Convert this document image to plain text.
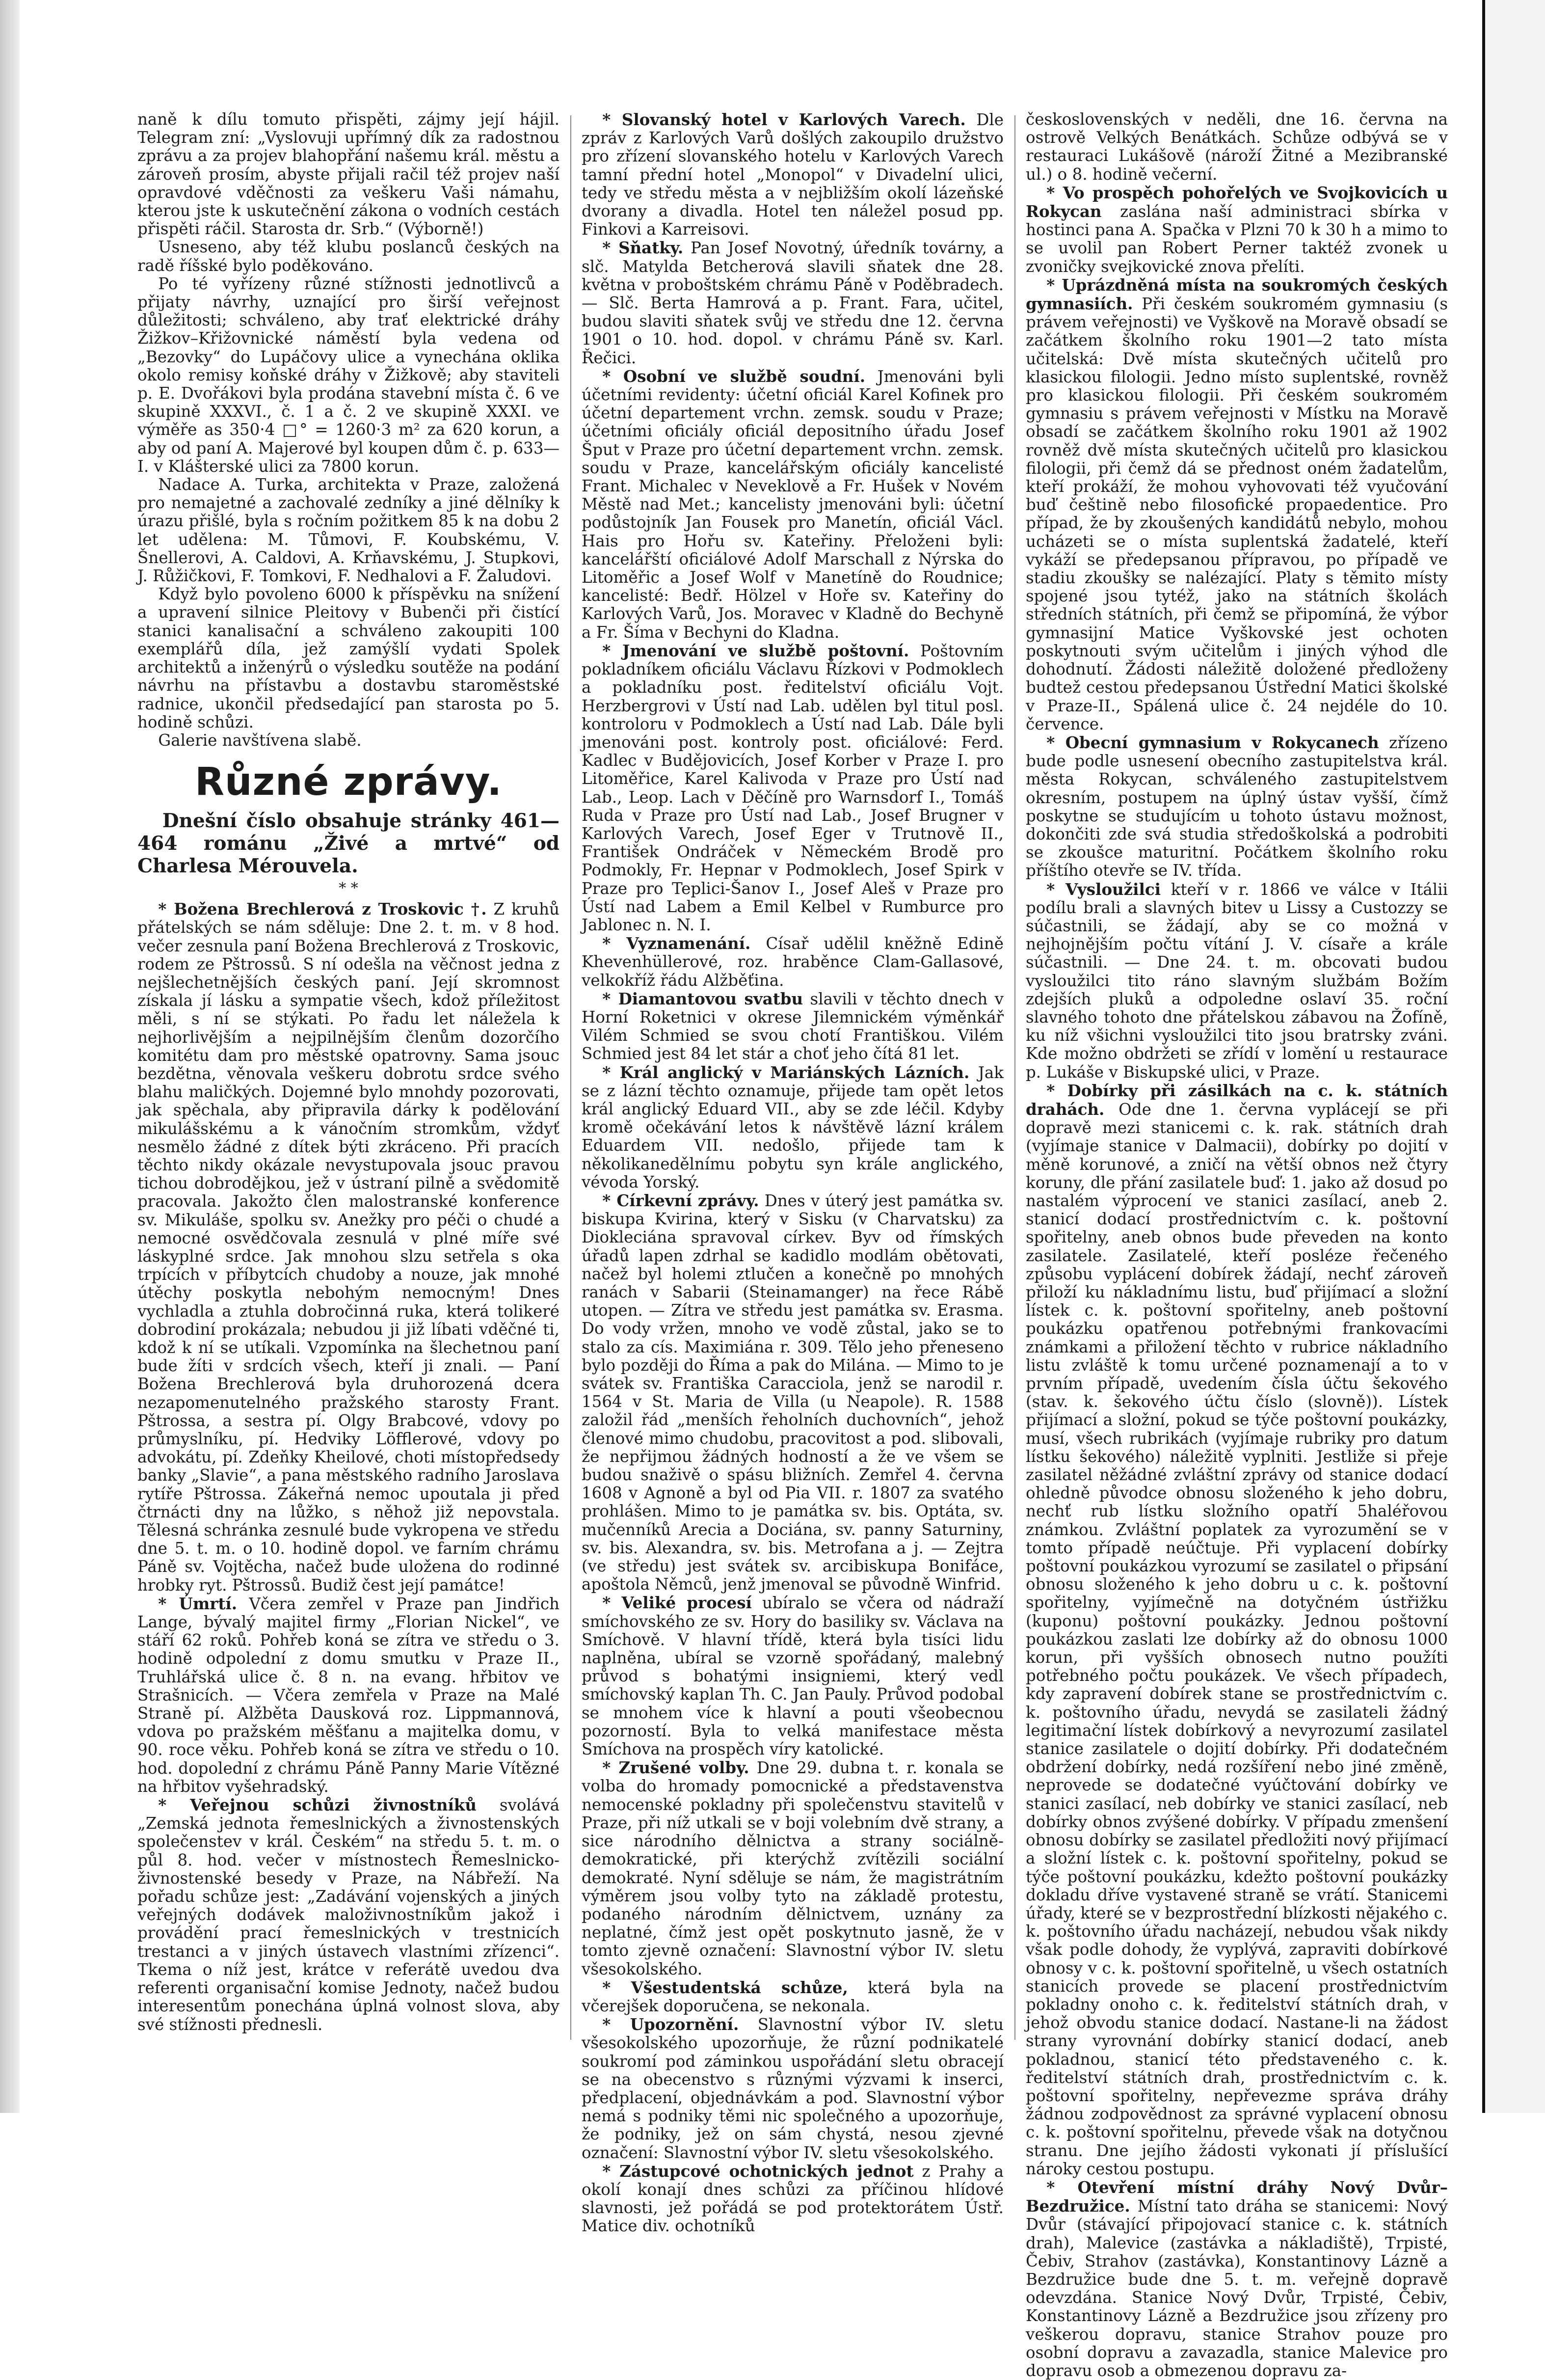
naně k dílu tomuto přispěti, zájmy její hájil. Telegram zní: „Vyslovuji upřímný dík za radostnou zprávu a za projev blahopřání našemu král. městu a zároveň prosím, abyste přijali račil též projev naší opravdové vděčnosti za veškeru Vaši námahu, kterou jste k uskutečnění zákona o vodních cestách přispěti ráčil. Starosta dr. Srb.“ (Výborně!)

Usneseno, aby též klubu poslanců českých na radě říšské bylo poděkováno.

Po té vyřízeny různé stížnosti jednotlivců a přijaty návrhy, uznající pro širší veřejnost důležitosti; schváleno, aby trať elektrické dráhy Žižkov–Křižovnické náměstí byla vedena od „Bezovky“ do Lupáčovy ulice a vynechána oklika okolo remisy koňské dráhy v Žižkově; aby staviteli p. E. Dvořákovi byla prodána stavební místa č. 6 ve skupině XXXVI., č. 1 a č. 2 ve skupině XXXI. ve výměře as 350·4 □° = 1260·3 m² za 620 korun, a aby od paní A. Majerové byl koupen dům č. p. 633—I. v Klášterské ulici za 7800 korun.

Nadace A. Turka, architekta v Praze, založená pro nemajetné a zachovalé zedníky a jiné dělníky k úrazu přišlé, byla s ročním požitkem 85 k na dobu 2 let udělena: M. Tůmovi, F. Koubskému, V. Šnellerovi, A. Caldovi, A. Krňavskému, J. Stupkovi, J. Růžičkovi, F. Tomkovi, F. Nedhalovi a F. Žaludovi.

Když bylo povoleno 6000 k příspěvku na snížení a upravení silnice Pleitovy v Bubenči při čistící stanici kanalisační a schváleno zakoupiti 100 exemplářů díla, jež zamýšlí vydati Spolek architektů a inženýrů o výsledku soutěže na podání návrhu na přístavbu a dostavbu staroměstské radnice, ukončil předsedající pan starosta po 5. hodině schůzi.

Galerie navštívena slabě.

Různé zprávy.
Dnešní číslo obsahuje stránky 461—464 románu „Živé a mrtvé“ od Charlesa Mérouvela.
* *

* Božena Brechlerová z Troskovic †. Z kruhů přátelských se nám sděluje: Dne 2. t. m. v 8 hod. večer zesnula paní Božena Brechlerová z Troskovic, rodem ze Pštrossů. S ní odešla na věčnost jedna z nejšlechetnějších českých paní. Její skromnost získala jí lásku a sympatie všech, kdož příležitost měli, s ní se stýkati. Po řadu let náležela k nejhorlivějším a nejpilnějším členům dozorčího komitétu dam pro městské opatrovny. Sama jsouc bezdětna, věnovala veškeru dobrotu srdce svého blahu maličkých. Dojemné bylo mnohdy pozorovati, jak spěchala, aby připravila dárky k podělování mikulášskému a k vánočním stromkům, vždyť nesmělo žádné z dítek býti zkráceno. Při pracích těchto nikdy okázale nevystupovala jsouc pravou tichou dobrodějkou, jež v ústraní pilně a svědomitě pracovala. Jakožto člen malostranské konference sv. Mikuláše, spolku sv. Anežky pro péči o chudé a nemocné osvědčovala zesnulá v plné míře své láskyplné srdce. Jak mnohou slzu setřela s oka trpících v příbytcích chudoby a nouze, jak mnohé útěchy poskytla nebohým nemocným! Dnes vychladla a ztuhla dobročinná ruka, která tolikeré dobrodiní prokázala; nebudou ji již líbati vděčné ti, kdož k ní se utíkali. Vzpomínka na šlechetnou paní bude žíti v srdcích všech, kteří ji znali. — Paní Božena Brechlerová byla druhorozená dcera nezapomenutelného pražského starosty Frant. Pštrossa, a sestra pí. Olgy Brabcové, vdovy po průmyslníku, pí. Hedviky Löfflerové, vdovy po advokátu, pí. Zdeňky Kheilové, choti místopředsedy banky „Slavie“, a pana městského radního Jaroslava rytíře Pštrossa. Zákeřná nemoc upoutala ji před čtrnácti dny na lůžko, s něhož již nepovstala. Tělesná schránka zesnulé bude vykropena ve středu dne 5. t. m. o 10. hodině dopol. ve farním chrámu Páně sv. Vojtěcha, načež bude uložena do rodinné hrobky ryt. Pštrossů. Budiž čest její památce!

* Úmrtí. Včera zemřel v Praze pan Jindřich Lange, bývalý majitel firmy „Florian Nickel“, ve stáří 62 roků. Pohřeb koná se zítra ve středu o 3. hodině odpolední z domu smutku v Praze II., Truhlářská ulice č. 8 n. na evang. hřbitov ve Strašnicích. — Včera zemřela v Praze na Malé Straně pí. Alžběta Dausková roz. Lippmannová, vdova po pražském měšťanu a majitelka domu, v 90. roce věku. Pohřeb koná se zítra ve středu o 10. hod. dopolední z chrámu Páně Panny Marie Vítězné na hřbitov vyšehradský.

* Veřejnou schůzi živnostníků svolává „Zemská jednota řemeslnických a živnostenských společenstev v král. Českém“ na středu 5. t. m. o půl 8. hod. večer v místnostech Řemeslnicko-živnostenské besedy v Praze, na Nábřeží. Na pořadu schůze jest: „Zadávání vojenských a jiných veřejných dodávek maloživnostníkům jakož i provádění prací řemeslnických v trestnicích trestanci a v jiných ústavech vlastními zřízenci“. Tkema o níž jest, krátce v referátě uvedou dva referenti organisační komise Jednoty, načež budou interesentům ponechána úplná volnost slova, aby své stížnosti přednesli.

* Slovanský hotel v Karlových Varech. Dle zpráv z Karlových Varů došlých zakoupilo družstvo pro zřízení slovanského hotelu v Karlových Varech tamní přední hotel „Monopol“ v Divadelní ulici, tedy ve středu města a v nejbližším okolí lázeňské dvorany a divadla. Hotel ten náležel posud pp. Finkovi a Karreisovi.

* Sňatky. Pan Josef Novotný, úředník továrny, a slč. Matylda Betcherová slavili sňatek dne 28. května v proboštském chrámu Páně v Poděbradech. — Slč. Berta Hamrová a p. Frant. Fara, učitel, budou slaviti sňatek svůj ve středu dne 12. června 1901 o 10. hod. dopol. v chrámu Páně sv. Karl. Řečici.

* Osobní ve službě soudní. Jmenováni byli účetními revidenty: účetní oficiál Karel Kofinek pro účetní departement vrchn. zemsk. soudu v Praze; účetními oficiály oficiál depositního úřadu Josef Šput v Praze pro účetní departement vrchn. zemsk. soudu v Praze, kancelářským oficiály kancelisté Frant. Michalec v Neveklově a Fr. Hušek v Novém Městě nad Met.; kancelisty jmenováni byli: účetní podůstojník Jan Fousek pro Manetín, oficiál Václ. Hais pro Hořu sv. Kateřiny. Přeloženi byli: kancelářští oficiálové Adolf Marschall z Nýrska do Litoměřic a Josef Wolf v Manetíně do Roudnice; kancelisté: Bedř. Hölzel v Hoře sv. Kateřiny do Karlových Varů, Jos. Moravec v Kladně do Bechyně a Fr. Šíma v Bechyni do Kladna.

* Jmenování ve službě poštovní. Poštovním pokladníkem oficiálu Václavu Řízkovi v Podmoklech a pokladníku post. ředitelství oficiálu Vojt. Herzbergrovi v Ústí nad Lab. udělen byl titul posl. kontroloru v Podmoklech a Ústí nad Lab. Dále byli jmenováni post. kontroly post. oficiálové: Ferd. Kadlec v Budějovicích, Josef Korber v Praze I. pro Litoměřice, Karel Kalivoda v Praze pro Ústí nad Lab., Leop. Lach v Děčíně pro Warnsdorf I., Tomáš Ruda v Praze pro Ústí nad Lab., Josef Brugner v Karlových Varech, Josef Eger v Trutnově II., František Ondráček v Německém Brodě pro Podmokly, Fr. Hepnar v Podmoklech, Josef Spirk v Praze pro Teplici-Šanov I., Josef Aleš v Praze pro Ústí nad Labem a Emil Kelbel v Rumburce pro Jablonec n. N. I.

* Vyznamenání. Císař udělil kněžně Edině Khevenhüllerové, roz. hraběnce Clam-Gallasové, velkokříž řádu Alžběťina.

* Diamantovou svatbu slavili v těchto dnech v Horní Roketnici v okrese Jilemnickém výměnkář Vilém Schmied se svou chotí Františkou. Vilém Schmied jest 84 let stár a choť jeho čítá 81 let.

* Král anglický v Mariánských Lázních. Jak se z lázní těchto oznamuje, přijede tam opět letos král anglický Eduard VII., aby se zde léčil. Kdyby kromě očekávání letos k návštěvě lázní králem Eduardem VII. nedošlo, přijede tam k několikanedělnímu pobytu syn krále anglického, vévoda Yorský.

* Církevní zprávy. Dnes v úterý jest památka sv. biskupa Kvirina, který v Sisku (v Charvatsku) za Diokleciána spravoval církev. Byv od římských úřadů lapen zdrhal se kadidlo modlám obětovati, načež byl holemi ztlučen a konečně po mnohých ranách v Sabarii (Steinamanger) na řece Rábě utopen. — Zítra ve středu jest památka sv. Erasma. Do vody vržen, mnoho ve vodě zůstal, jako se to stalo za cís. Maximiána r. 309. Tělo jeho přeneseno bylo později do Říma a pak do Milána. — Mimo to je svátek sv. Františka Caracciola, jenž se narodil r. 1564 v St. Maria de Villa (u Neapole). R. 1588 založil řád „menších řeholních duchovních“, jehož členové mimo chudobu, pracovitost a pod. slibovali, že nepřijmou žádných hodností a že ve všem se budou snaživě o spásu bližních. Zemřel 4. června 1608 v Agnoně a byl od Pia VII. r. 1807 za svatého prohlášen. Mimo to je památka sv. bis. Optáta, sv. mučenníků Arecia a Dociána, sv. panny Saturniny, sv. bis. Alexandra, sv. bis. Metrofana a j. — Zejtra (ve středu) jest svátek sv. arcibiskupa Bonifáce, apoštola Němců, jenž jmenoval se původně Winfrid.

* Veliké procesí ubíralo se včera od nádraží smíchovského ze sv. Hory do basiliky sv. Václava na Smíchově. V hlavní třídě, která byla tisíci lidu naplněna, ubíral se vzorně spořádaný, malebný průvod s bohatými insigniemi, který vedl smíchovský kaplan Th. C. Jan Pauly. Průvod podobal se mnohem více k hlavní a pouti všeobecnou pozorností. Byla to velká manifestace města Smíchova na prospěch víry katolické.

* Zrušené volby. Dne 29. dubna t. r. konala se volba do hromady pomocnické a představenstva nemocenské pokladny při společenstvu stavitelů v Praze, při níž utkali se v boji volebním dvě strany, a sice národního dělnictva a strany sociálně-demokratické, při kterýchž zvítězili sociální demokraté. Nyní sděluje se nám, že magistrátním výměrem jsou volby tyto na základě protestu, podaného národním dělnictvem, uznány za neplatné, čímž jest opět poskytnuto jasně, že v tomto zjevně označení: Slavnostní výbor IV. sletu všesokolského.

* Všestudentská schůze, která byla na včerejšek doporučena, se nekonala.

* Upozornění. Slavnostní výbor IV. sletu všesokolského upozorňuje, že různí podnikatelé soukromí pod záminkou uspořádání sletu obracejí se na obecenstvo s různými výzvami k inserci, předplacení, objednávkám a pod. Slavnostní výbor nemá s podniky těmi nic společného a upozorňuje, že podniky, jež on sám chystá, nesou zjevné označení: Slavnostní výbor IV. sletu všesokolského.

* Zástupcové ochotnických jednot z Prahy a okolí konají dnes schůzi za příčinou hlídové slavnosti, jež pořádá se pod protektorátem Ústř. Matice div. ochotníků

československých v neděli, dne 16. června na ostrově Velkých Benátkách. Schůze odbývá se v restauraci Lukášově (nároží Žitné a Mezibranské ul.) o 8. hodině večerní.

* Vo prospěch pohořelých ve Svojkovicích u Rokycan zaslána naší administraci sbírka v hostinci pana A. Spačka v Plzni 70 k 30 h a mimo to se uvolil pan Robert Perner taktéž zvonek u zvoničky svejkovické znova přelíti.

* Uprázdněná místa na soukromých českých gymnasiích. Při českém soukromém gymnasiu (s právem veřejnosti) ve Vyškově na Moravě obsadí se začátkem školního roku 1901—2 tato místa učitelská: Dvě místa skutečných učitelů pro klasickou filologii. Jedno místo suplentské, rovněž pro klasickou filologii. Při českém soukromém gymnasiu s právem veřejnosti v Místku na Moravě obsadí se začátkem školního roku 1901 až 1902 rovněž dvě místa skutečných učitelů pro klasickou filologii, při čemž dá se přednost oném žadatelům, kteří prokáží, že mohou vyhovovati též vyučování buď češtině nebo filosofické propaedentice. Pro případ, že by zkoušených kandidátů nebylo, mohou ucházeti se o místa suplentská žadatelé, kteří vykáží se předepsanou přípravou, po případě ve stadiu zkoušky se nalézající. Platy s těmito místy spojené jsou tytéž, jako na státních školách středních státních, při čemž se připomíná, že výbor gymnasijní Matice Vyškovské jest ochoten poskytnouti svým učitelům i jiných výhod dle dohodnutí. Žádosti náležitě doložené předloženy budtež cestou předepsanou Ústřední Matici školské v Praze-II., Spálená ulice č. 24 nejdéle do 10. července.

* Obecní gymnasium v Rokycanech zřízeno bude podle usnesení obecního zastupitelstva král. města Rokycan, schváleného zastupitelstvem okresním, postupem na úplný ústav vyšší, čímž poskytne se studujícím u tohoto ústavu možnost, dokončiti zde svá studia středoškolská a podrobiti se zkoušce maturitní. Počátkem školního roku příštího otevře se IV. třída.

* Vysloužilci kteří v r. 1866 ve válce v Itálii podílu brali a slavných bitev u Lissy a Custozzy se súčastnili, se žádají, aby se co možná v nejhojnějším počtu vítání J. V. císaře a krále súčastnili. — Dne 24. t. m. obcovati budou vysloužilci tito ráno slavným službám Božím zdejších pluků a odpoledne oslaví 35. roční slavného tohoto dne přátelskou zábavou na Žofíně, ku níž všichni vysloužilci tito jsou bratrsky zváni. Kde možno obdržeti se zřídí v lomění u restaurace p. Lukáše v Biskupské ulici, v Praze.

* Dobírky při zásilkách na c. k. státních drahách. Ode dne 1. června vyplácejí se při dopravě mezi stanicemi c. k. rak. státních drah (vyjímaje stanice v Dalmacii), dobírky po dojití v měně korunové, a zničí na větší obnos než čtyry koruny, dle přání zasilatele buď: 1. jako až dosud po nastalém výprocení ve stanici zasílací, aneb 2. stanicí dodací prostřednictvím c. k. poštovní spořitelny, aneb obnos bude převeden na konto zasilatele. Zasilatelé, kteří posléze řečeného způsobu vyplácení dobírek žádají, nechť zároveň přiloží ku nákladnímu listu, buď přijímací a složní lístek c. k. poštovní spořitelny, aneb poštovní poukázku opatřenou potřebnými frankovacími známkami a přiložení těchto v rubrice nákladního listu zvláště k tomu určené poznamenají a to v prvním případě, uvedením čísla účtu šekového (stav. k. šekového účtu číslo (slovně)). Lístek přijímací a složní, pokud se týče poštovní poukázky, musí, všech rubrikách (vyjímaje rubriky pro datum lístku šekového) náležitě vyplniti. Jestliže si přeje zasilatel něžádné zvláštní zprávy od stanice dodací ohledně původce obnosu složeného k jeho dobru, nechť rub lístku složního opatří 5haléřovou známkou. Zvláštní poplatek za vyrozumění se v tomto případě neúčtuje. Při vyplacení dobírky poštovní poukázkou vyrozumí se zasilatel o připsání obnosu složeného k jeho dobru u c. k. poštovní spořitelny, vyjímečně na dotyčném ústřižku (kuponu) poštovní poukázky. Jednou poštovní poukázkou zaslati lze dobírky až do obnosu 1000 korun, při vyšších obnosech nutno použíti potřebného počtu poukázek. Ve všech případech, kdy zapravení dobírek stane se prostřednictvím c. k. poštovního úřadu, nevydá se zasilateli žádný legitimační lístek dobírkový a nevyrozumí zasilatel stanice zasilatele o dojití dobírky. Při dodatečném obdržení dobírky, nedá rozšíření nebo jiné změně, neprovede se dodatečné vyúčtování dobírky ve stanici zasílací, neb dobírky ve stanici zasílací, neb dobírky obnos zvýšené dobírky. V případu zmenšení obnosu dobírky se zasilatel předložiti nový přijímací a složní lístek c. k. poštovní spořitelny, pokud se týče poštovní poukázku, kdežto poštovní poukázky dokladu dříve vystavené straně se vrátí. Stanicemi úřady, které se v bezprostřední blízkosti nějakého c. k. poštovního úřadu nacházejí, nebudou však nikdy však podle dohody, že vyplývá, zapraviti dobírkové obnosy v c. k. poštovní spořitelně, u všech ostatních stanicích provede se placení prostřednictvím pokladny onoho c. k. ředitelství státních drah, v jehož obvodu stanice dodací. Nastane-li na žádost strany vyrovnání dobírky stanicí dodací, aneb pokladnou, stanicí této představeného c. k. ředitelství státních drah, prostřednictvím c. k. poštovní spořitelny, nepřevezme správa dráhy žádnou zodpovědnost za správné vyplacení obnosu c. k. poštovní spořitelnu, převede však na dotyčnou stranu. Dne jejího žádosti vykonati jí příslušící nároky cestou postupu.

* Otevření místní dráhy Nový Dvůr–Bezdružice. Místní tato dráha se stanicemi: Nový Dvůr (stávající připojovací stanice c. k. státních drah), Malevice (zastávka a nákladiště), Trpisté, Čebiv, Strahov (zastávka), Konstantinovy Lázně a Bezdružice bude dne 5. t. m. veřejně dopravě odevzdána. Stanice Nový Dvůr, Trpisté, Čebiv, Konstantinovy Lázně a Bezdružice jsou zřízeny pro veškerou dopravu, stanice Strahov pouze pro osobní dopravu a zavazadla, stanice Malevice pro dopravu osob a obmezenou dopravu za-
